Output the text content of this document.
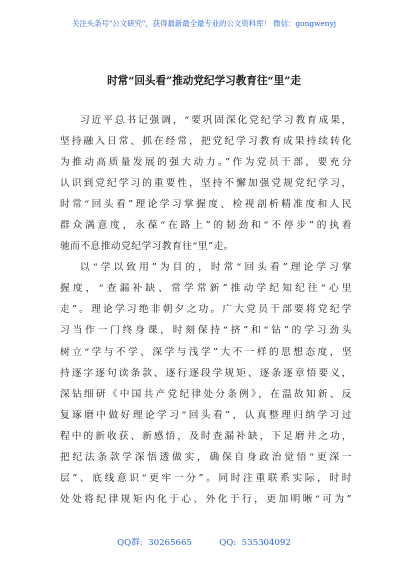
关注头条号"公文研究"，获得最新最全最专业的公文资料库！ 微信：gongwenyj
时常“回头看”推动党纪学习教育往“里”走
习近平总书记强调，“要巩固深化党纪学习教育成果，
坚持融入日常、抓在经常，把党纪学习教育成果持续转化
为推动高质量发展的强大动力。”作为党员干部，要充分
认识到党纪学习的重要性，坚持不懈加强党规党纪学习，
时常“回头看”理论学习掌握度、检视剖析精准度和人民
群众满意度，永葆“在路上”的韧劲和“不停步”的执着
驰而不息推动党纪学习教育往“里”走。
以“学以致用”为目的，时常“回头看”理论学习掌
握度，“查漏补缺、常学常新”推动学纪知纪往“心里
走”。理论学习绝非朝夕之功。广大党员干部要将党纪学
习当作一门终身课，时刻保持“挤”和“钻”的学习劲头
树立“学与不学、深学与浅学”大不一样的思想态度，坚
持逐字逐句读条款、逐行逐段学规矩、逐条逐章悟要义，
深钻细研《中国共产党纪律处分条例》，在温故知新、反
复琢磨中做好理论学习“回头看”，认真整理归纳学习过
程中的新收获、新感悟，及时查漏补缺，下足磨井之功，
把纪法条款学深悟透做实，确保自身政治觉悟“更深一
层”、底线意识“更牢一分”。同时注重联系实际，时时
处处将纪律规矩内化于心、外化于行，更加明晰“可为”
QQ群:  30265665          QQ:  535304092
